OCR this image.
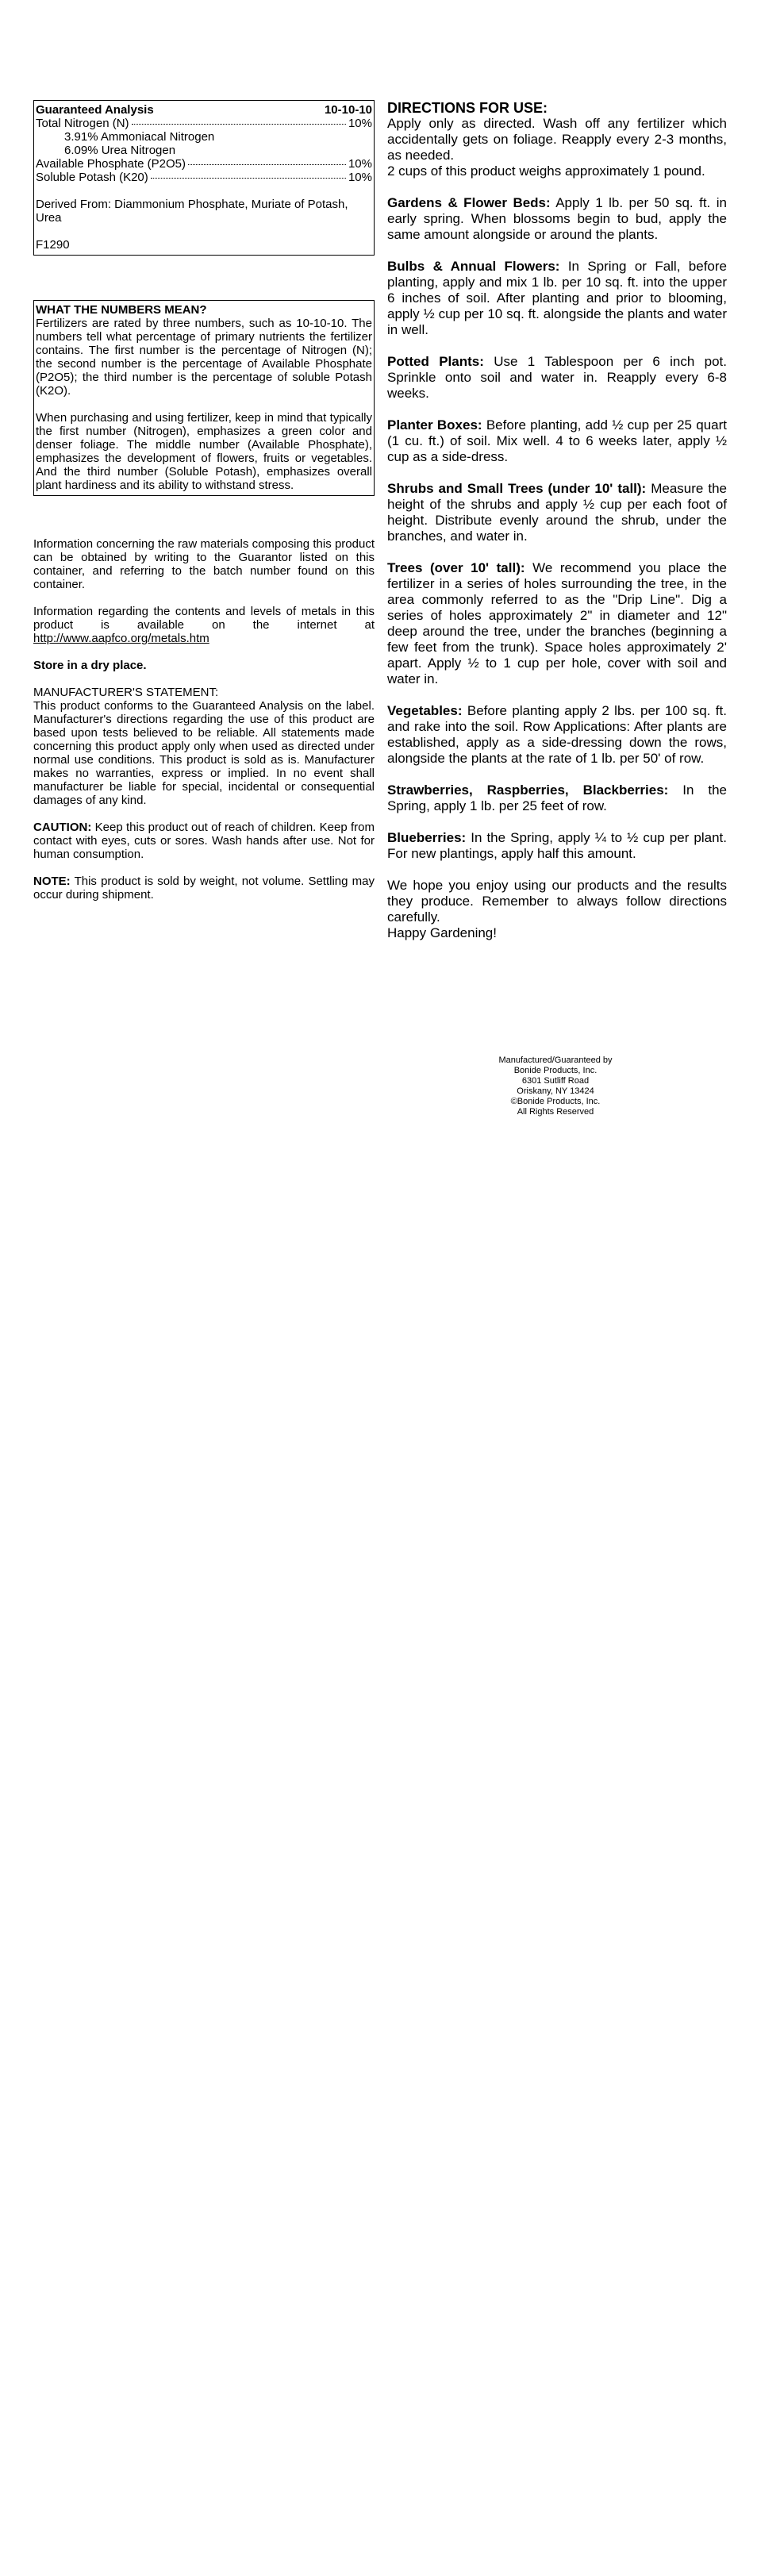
Guaranteed Analysis	10-10-10
Total Nitrogen (N)	10%
3.91% Ammoniacal Nitrogen
6.09% Urea Nitrogen
Available Phosphate (P2O5)	10%
Soluble Potash (K20)	10%
Derived From: Diammonium Phosphate, Muriate of Potash, Urea
F1290
WHAT THE NUMBERS MEAN?

Fertilizers are rated by three numbers, such as 10-10-10. The numbers tell what percentage of primary nutrients the fertilizer contains. The first number is the percentage of Nitrogen (N); the second number is the percentage of Available Phosphate (P2O5); the third number is the percentage of soluble Potash (K2O).

When purchasing and using fertilizer, keep in mind that typically the first number (Nitrogen), emphasizes a green color and denser foliage. The middle number (Available Phosphate), emphasizes the development of flowers, fruits or vegetables. And the third number (Soluble Potash), emphasizes overall plant hardiness and its ability to withstand stress.

Information concerning the raw materials composing this product can be obtained by writing to the Guarantor listed on this container, and referring to the batch number found on this container.

Information regarding the contents and levels of metals in this product is available on the internet at http://www.aapfco.org/metals.htm

Store in a dry place.

MANUFACTURER'S STATEMENT:

This product conforms to the Guaranteed Analysis on the label. Manufacturer's directions regarding the use of this product are based upon tests believed to be reliable. All statements made concerning this product apply only when used as directed under normal use conditions. This product is sold as is. Manufacturer makes no warranties, express or implied. In no event shall manufacturer be liable for special, incidental or consequential damages of any kind.

CAUTION: Keep this product out of reach of children. Keep from contact with eyes, cuts or sores. Wash hands after use. Not for human consumption.

NOTE: This product is sold by weight, not volume. Settling may occur during shipment.

DIRECTIONS FOR USE:

Apply only as directed. Wash off any fertilizer which accidentally gets on foliage. Reapply every 2-3 months, as needed.

2 cups of this product weighs approximately 1 pound.

Gardens & Flower Beds: Apply 1 lb. per 50 sq. ft. in early spring. When blossoms begin to bud, apply the same amount alongside or around the plants.

Bulbs & Annual Flowers: In Spring or Fall, before planting, apply and mix 1 lb. per 10 sq. ft. into the upper 6 inches of soil. After planting and prior to blooming, apply ½ cup per 10 sq. ft. alongside the plants and water in well.

Potted Plants: Use 1 Tablespoon per 6 inch pot. Sprinkle onto soil and water in. Reapply every 6-8 weeks.

Planter Boxes: Before planting, add ½ cup per 25 quart (1 cu. ft.) of soil. Mix well. 4 to 6 weeks later, apply ½ cup as a side-dress.

Shrubs and Small Trees (under 10' tall): Measure the height of the shrubs and apply ½ cup per each foot of height. Distribute evenly around the shrub, under the branches, and water in.

Trees (over 10' tall): We recommend you place the fertilizer in a series of holes surrounding the tree, in the area commonly referred to as the "Drip Line". Dig a series of holes approximately 2" in diameter and 12" deep around the tree, under the branches (beginning a few feet from the trunk). Space holes approximately 2' apart. Apply ½ to 1 cup per hole, cover with soil and water in.

Vegetables: Before planting apply 2 lbs. per 100 sq. ft. and rake into the soil. Row Applications: After plants are established, apply as a side-dressing down the rows, alongside the plants at the rate of 1 lb. per 50' of row.

Strawberries, Raspberries, Blackberries: In the Spring, apply 1 lb. per 25 feet of row.

Blueberries: In the Spring, apply ¼ to ½ cup per plant. For new plantings, apply half this amount.

We hope you enjoy using our products and the results they produce. Remember to always follow directions carefully.

Happy Gardening!

Manufactured/Guaranteed by
Bonide Products, Inc.
6301 Sutliff Road
Oriskany, NY 13424
©Bonide Products, Inc.
All Rights Reserved
